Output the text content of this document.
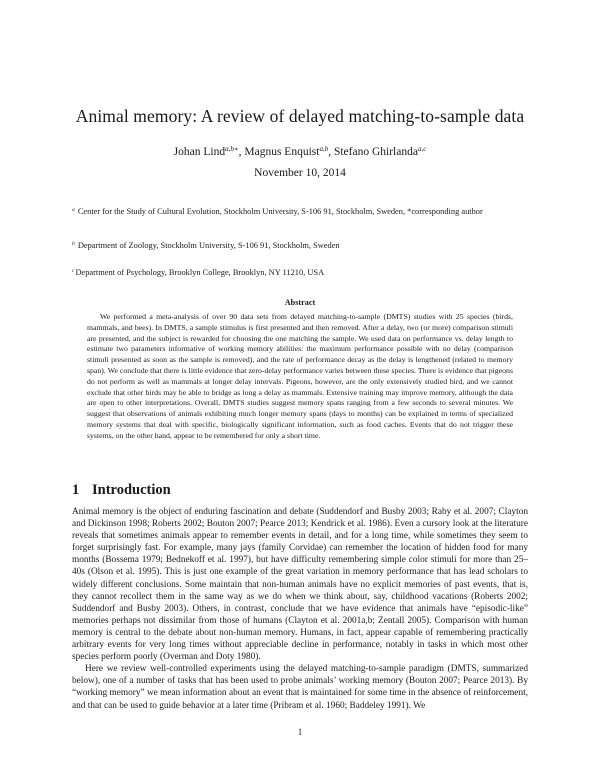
Animal memory: A review of delayed matching-to-sample data
Johan Lind$^{a,b∗}$, Magnus Enquist$^{a,b}$, Stefano Ghirlanda$^{a,c}$
November 10, 2014
$^a$ Center for the Study of Cultural Evolution, Stockholm University, S-106 91, Stockholm, Sweden, *corresponding author
$^b$ Department of Zoology, Stockholm University, S-106 91, Stockholm, Sweden
$^c$Department of Psychology, Brooklyn College, Brooklyn, NY 11210, USA
Abstract
We performed a meta-analysis of over 90 data sets from delayed matching-to-sample (DMTS) studies with 25 species (birds, mammals, and bees). In DMTS, a sample stimulus is first presented and then removed. After a delay, two (or more) comparison stimuli are presented, and the subject is rewarded for choosing the one matching the sample. We used data on performance vs. delay length to estimate two parameters informative of working memory abilities: the maximum performance possible with no delay (comparison stimuli presented as soon as the sample is removed), and the rate of performance decay as the delay is lengthened (related to memory span). We conclude that there is little evidence that zero-delay performance varies between these species. There is evidence that pigeons do not perform as well as mammals at longer delay intervals. Pigeons, however, are the only extensively studied bird, and we cannot exclude that other birds may be able to bridge as long a delay as mammals. Extensive training may improve memory, although the data are open to other interpretations. Overall, DMTS studies suggest memory spans ranging from a few seconds to several minutes. We suggest that observations of animals exhibiting much longer memory spans (days to months) can be explained in terms of specialized memory systems that deal with specific, biologically significant information, such as food caches. Events that do not trigger these systems, on the other hand, appear to be remembered for only a short time.
1 Introduction

Animal memory is the object of enduring fascination and debate (Suddendorf and Busby 2003; Raby et al. 2007; Clayton and Dickinson 1998; Roberts 2002; Bouton 2007; Pearce 2013; Kendrick et al. 1986). Even a cursory look at the literature reveals that sometimes animals appear to remember events in detail, and for a long time, while sometimes they seem to forget surprisingly fast. For example, many jays (family Corvidae) can remember the location of hidden food for many months (Bossema 1979; Bednekoff et al. 1997), but have difficulty remembering simple color stimuli for more than 25–40s (Olson et al. 1995). This is just one example of the great variation in memory performance that has lead scholars to widely different conclusions. Some maintain that non-human animals have no explicit memories of past events, that is, they cannot recollect them in the same way as we do when we think about, say, childhood vacations (Roberts 2002; Suddendorf and Busby 2003). Others, in contrast, conclude that we have evidence that animals have “episodic-like” memories perhaps not dissimilar from those of humans (Clayton et al. 2001a,b; Zentall 2005). Comparison with human memory is central to the debate about non-human memory. Humans, in fact, appear capable of remembering practically arbitrary events for very long times without appreciable decline in performance, notably in tasks in which most other species perform poorly (Overman and Doty 1980).

Here we review well-controlled experiments using the delayed matching-to-sample paradigm (DMTS, summarized below), one of a number of tasks that has been used to probe animals’ working memory (Bouton 2007; Pearce 2013). By “working memory” we mean information about an event that is maintained for some time in the absence of reinforcement, and that can be used to guide behavior at a later time (Pribram et al. 1960; Baddeley 1991). We

1
